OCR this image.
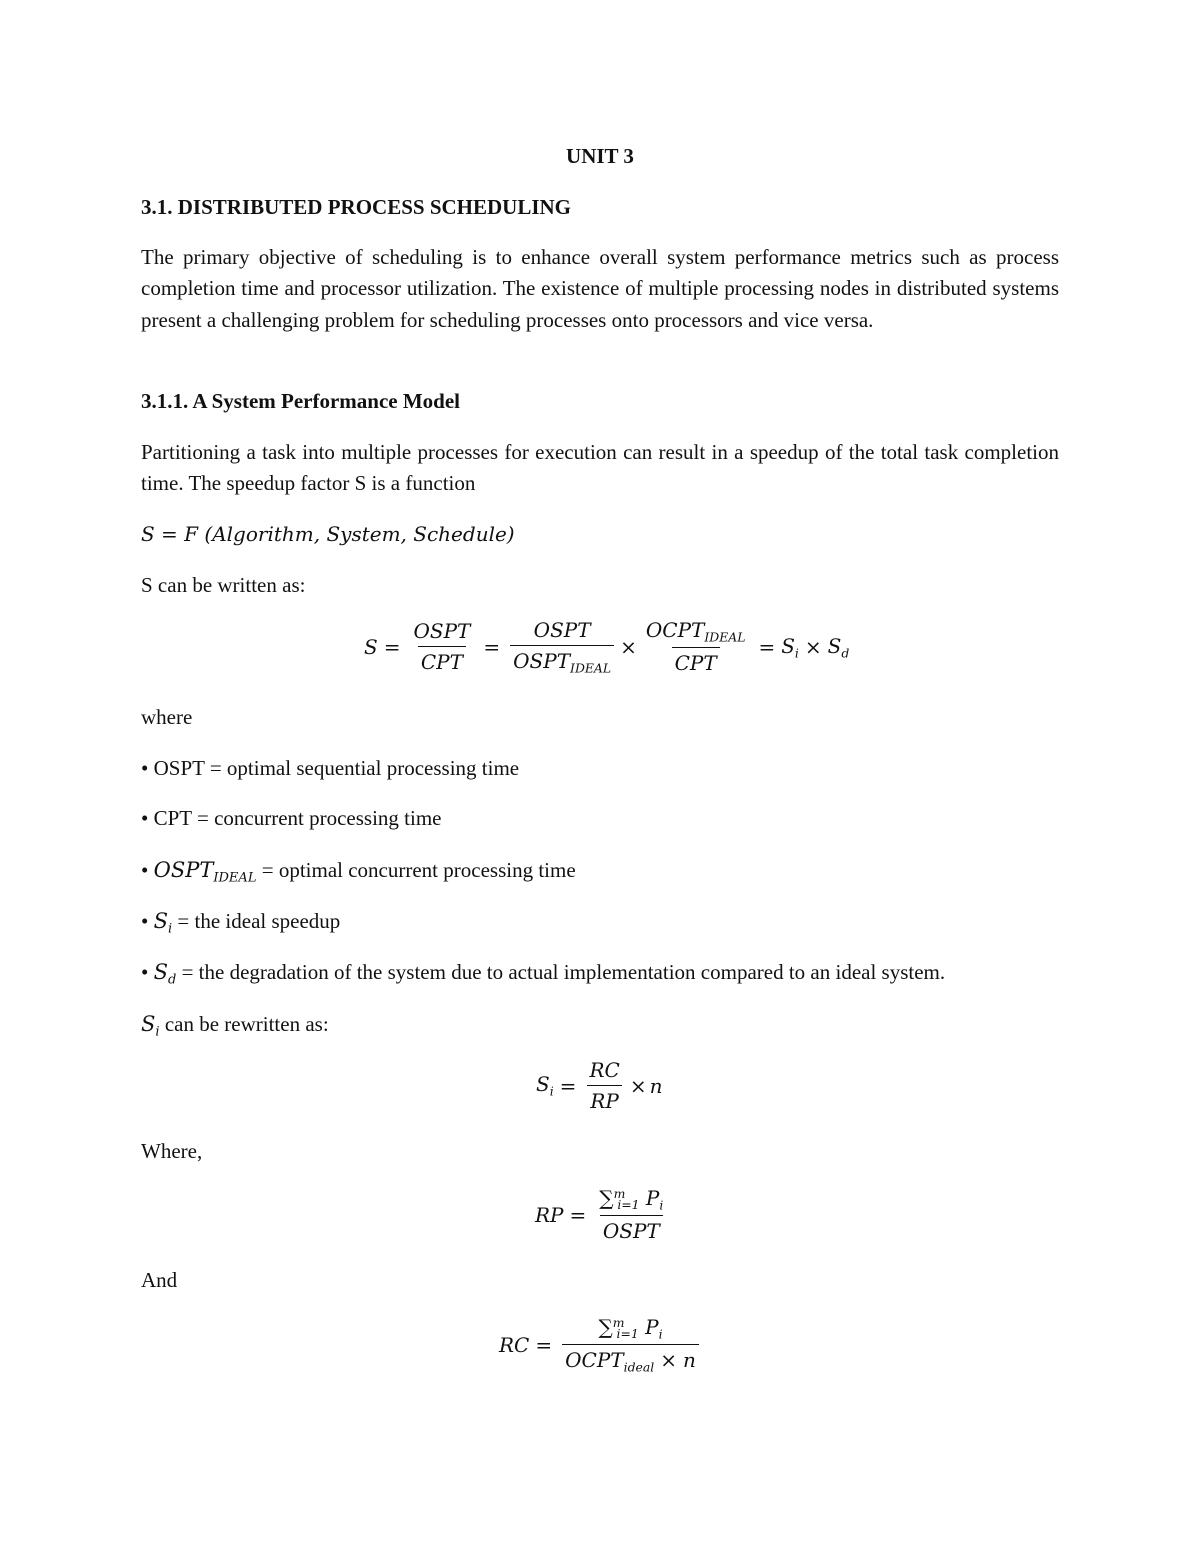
UNIT 3
3.1. DISTRIBUTED PROCESS SCHEDULING
The primary objective of scheduling is to enhance overall system performance metrics such as process completion time and processor utilization. The existence of multiple processing nodes in distributed systems present a challenging problem for scheduling processes onto processors and vice versa.
3.1.1. A System Performance Model
Partitioning a task into multiple processes for execution can result in a speedup of the total task completion time. The speedup factor S is a function
S = F (Algorithm, System, Schedule)
S can be written as:
$S = \frac{\text{OSPT}}{\text{CPT}} = \frac{\text{OSPT}}{OSPT_{IDEAL}} \times \frac{OCPT_{IDEAL}}{\text{CPT}} = S_i \times S_d$
where
• OSPT = optimal sequential processing time
• CPT = concurrent processing time
• $OSPT_{IDEAL}$ = optimal concurrent processing time
• $S_i$ = the ideal speedup
• $S_d$ = the degradation of the system due to actual implementation compared to an ideal system.
$S_i$ can be rewritten as:
$S_i = \frac{RC}{RP} \times n$
Where,
RP = $\frac{\sum^m_{i=1} P_i}{\text{OSPT}}$
And
RC = $\frac{\sum^m_{i=1} P_i}{OCPT_{ideal} \times n}$
